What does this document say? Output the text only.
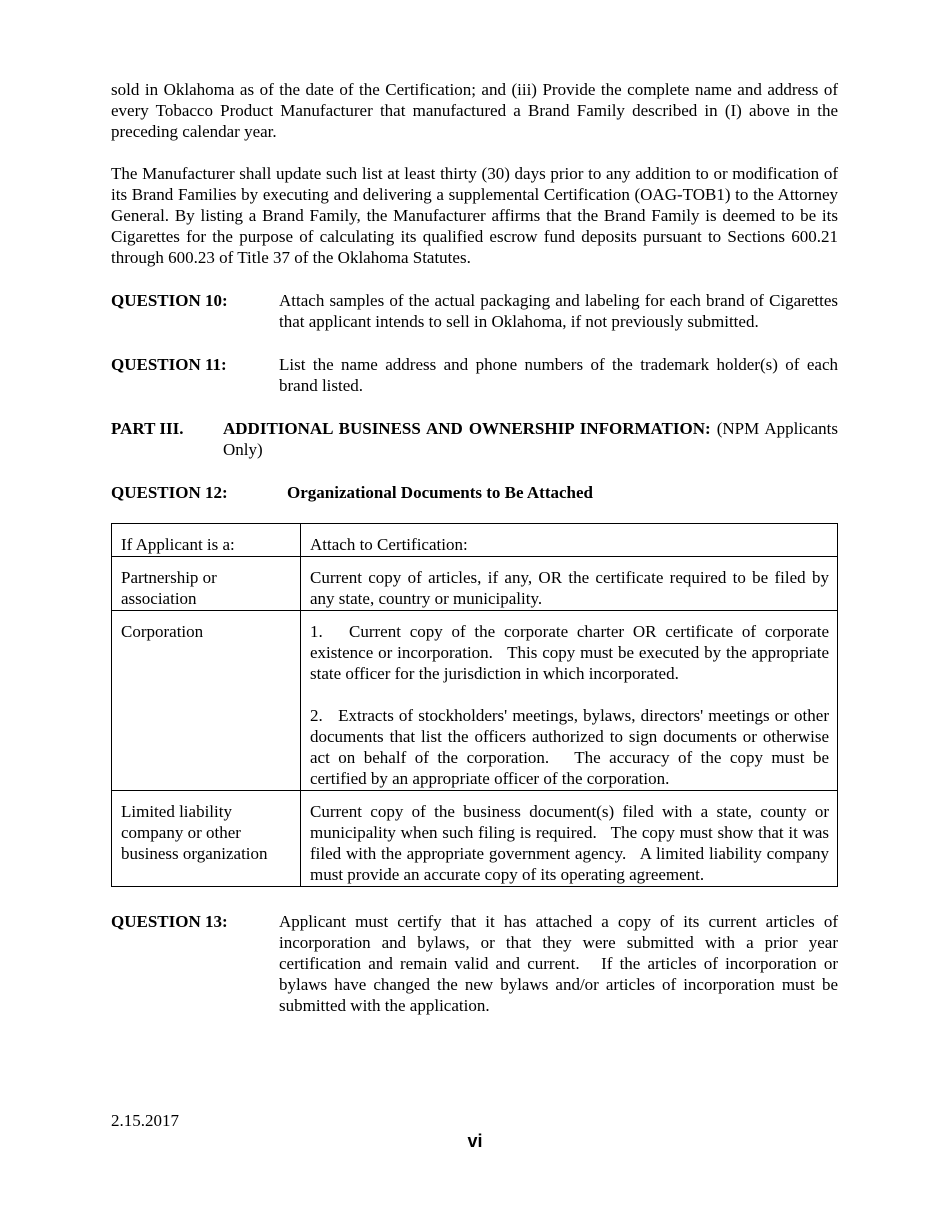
sold in Oklahoma as of the date of the Certification; and (iii) Provide the complete name and address of every Tobacco Product Manufacturer that manufactured a Brand Family described in (I) above in the preceding calendar year.

The Manufacturer shall update such list at least thirty (30) days prior to any addition to or modification of its Brand Families by executing and delivering a supplemental Certification (OAG-TOB1) to the Attorney General. By listing a Brand Family, the Manufacturer affirms that the Brand Family is deemed to be its Cigarettes for the purpose of calculating its qualified escrow fund deposits pursuant to Sections 600.21 through 600.23 of Title 37 of the Oklahoma Statutes.

QUESTION 10:	Attach samples of the actual packaging and labeling for each brand of Cigarettes that applicant intends to sell in Oklahoma, if not previously submitted.
QUESTION 11:	List the name address and phone numbers of the trademark holder(s) of each brand listed.
PART III.	ADDITIONAL BUSINESS AND OWNERSHIP INFORMATION: (NPM Applicants Only)
QUESTION 12:	Organizational Documents to Be Attached
If Applicant is a:	Attach to Certification:
Partnership or association	Current copy of articles, if any, OR the certificate required to be filed by any state, country or municipality.
Corporation	1.   Current copy of the corporate charter OR certificate of corporate existence or incorporation.   This copy must be executed by the appropriate state officer for the jurisdiction in which incorporated.
2.   Extracts of stockholders' meetings, bylaws, directors' meetings or other documents that list the officers authorized to sign documents or otherwise act on behalf of the corporation.   The accuracy of the copy must be certified by an appropriate officer of the corporation.

Limited liability company or other business organization	Current copy of the business document(s) filed with a state, county or municipality when such filing is required.   The copy must show that it was filed with the appropriate government agency.   A limited liability company must provide an accurate copy of its operating agreement.
QUESTION 13:	Applicant must certify that it has attached a copy of its current articles of incorporation and bylaws, or that they were submitted with a prior year certification and remain valid and current.   If the articles of incorporation or bylaws have changed the new bylaws and/or articles of incorporation must be submitted with the application.
2.15.2017
vi
